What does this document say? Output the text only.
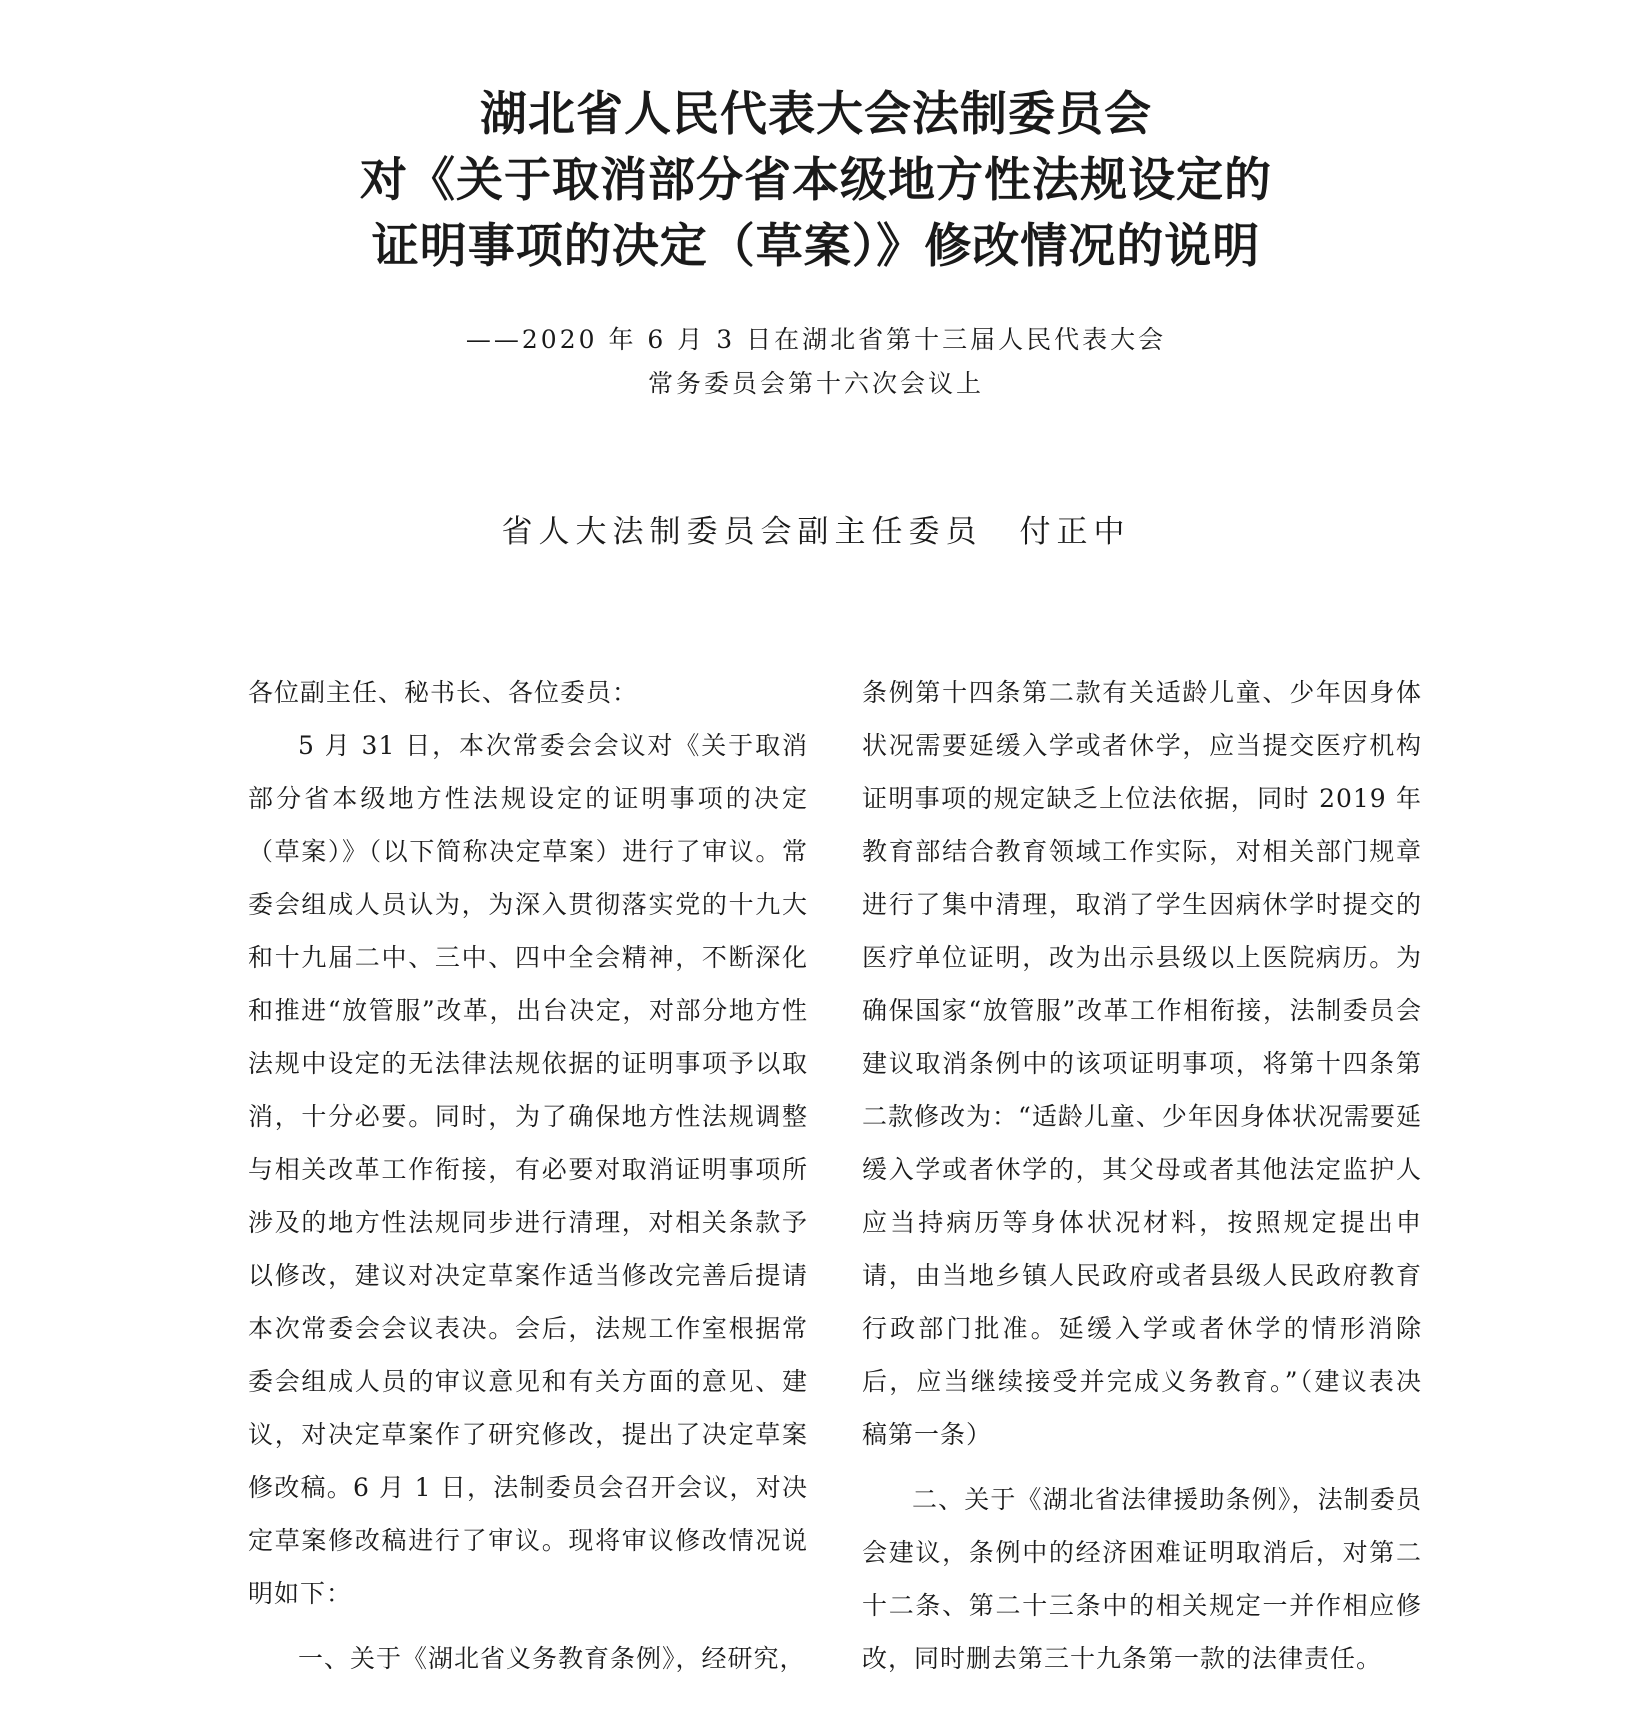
湖北省人民代表大会法制委员会
对《关于取消部分省本级地方性法规设定的
证明事项的决定（草案）》修改情况的说明
——2020 年 6 月 3 日在湖北省第十三届人民代表大会
常务委员会第十六次会议上
省人大法制委员会副主任委员　付正中

各位副主任、秘书长、各位委员：

5 月 31 日，本次常委会会议对《关于取消部分省本级地方性法规设定的证明事项的决定（草案）》（以下简称决定草案）进行了审议。常委会组成人员认为，为深入贯彻落实党的十九大和十九届二中、三中、四中全会精神，不断深化和推进“放管服”改革，出台决定，对部分地方性法规中设定的无法律法规依据的证明事项予以取消，十分必要。同时，为了确保地方性法规调整与相关改革工作衔接，有必要对取消证明事项所涉及的地方性法规同步进行清理，对相关条款予以修改，建议对决定草案作适当修改完善后提请本次常委会会议表决。会后，法规工作室根据常委会组成人员的审议意见和有关方面的意见、建议，对决定草案作了研究修改，提出了决定草案修改稿。6 月 1 日，法制委员会召开会议，对决定草案修改稿进行了审议。现将审议修改情况说明如下：

一、关于《湖北省义务教育条例》，经研究，

条例第十四条第二款有关适龄儿童、少年因身体状况需要延缓入学或者休学，应当提交医疗机构证明事项的规定缺乏上位法依据，同时 2019 年教育部结合教育领域工作实际，对相关部门规章进行了集中清理，取消了学生因病休学时提交的医疗单位证明，改为出示县级以上医院病历。为确保国家“放管服”改革工作相衔接，法制委员会建议取消条例中的该项证明事项，将第十四条第二款修改为：“适龄儿童、少年因身体状况需要延缓入学或者休学的，其父母或者其他法定监护人应当持病历等身体状况材料，按照规定提出申请，由当地乡镇人民政府或者县级人民政府教育行政部门批准。延缓入学或者休学的情形消除后，应当继续接受并完成义务教育。”（建议表决稿第一条）

二、关于《湖北省法律援助条例》，法制委员会建议，条例中的经济困难证明取消后，对第二十二条、第二十三条中的相关规定一并作相应修改，同时删去第三十九条第一款的法律责任。
